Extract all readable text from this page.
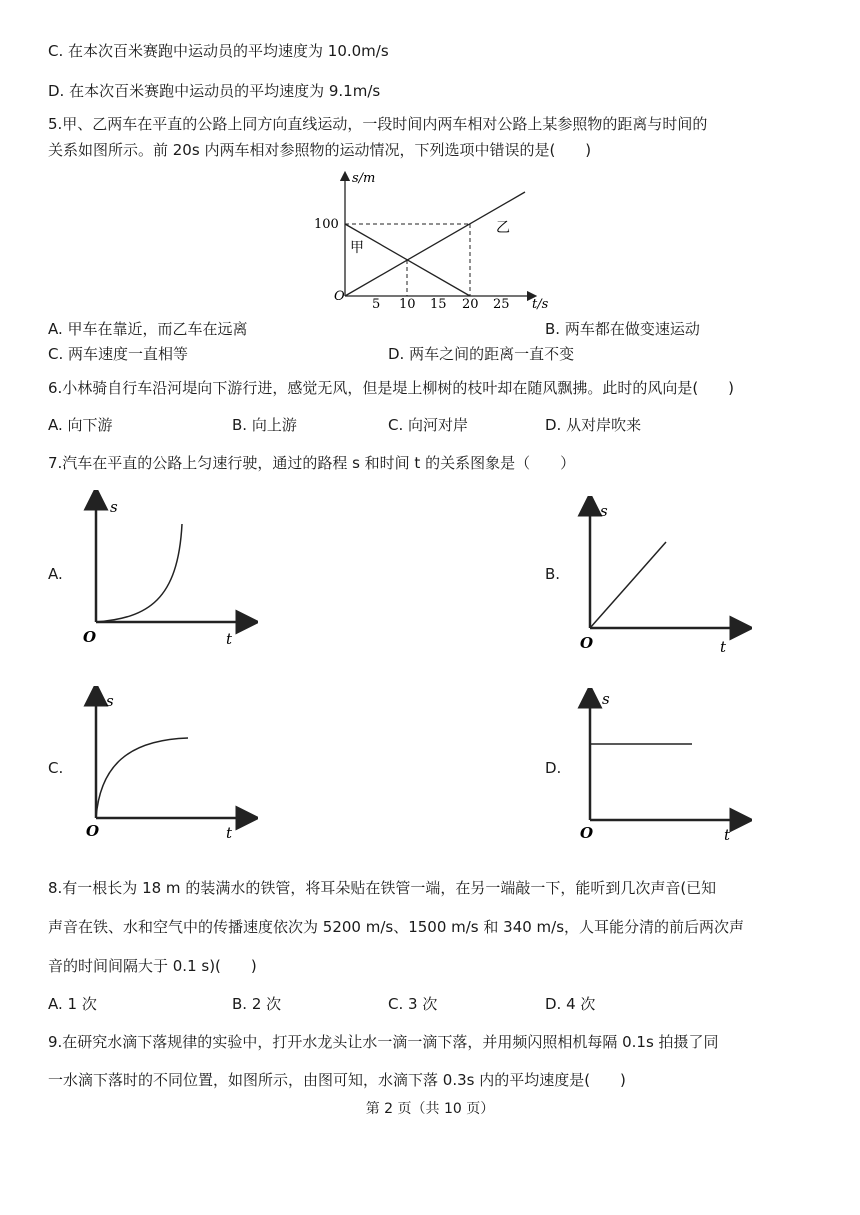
C. 在本次百米赛跑中运动员的平均速度为 10.0m/s
D. 在本次百米赛跑中运动员的平均速度为 9.1m/s
5.甲、乙两车在平直的公路上同方向直线运动，一段时间内两车相对公路上某参照物的距离与时间的
关系如图所示。前 20s 内两车相对参照物的运动情况，下列选项中错误的是(　　)
s/m
t/s
O
100
5 10 15 20 25
甲
乙
A. 甲车在靠近，而乙车在远离	B. 两车都在做变速运动
C. 两车速度一直相等	D. 两车之间的距离一直不变
6.小林骑自行车沿河堤向下游行进，感觉无风，但是堤上柳树的枝叶却在随风飘拂。此时的风向是(　　)
A. 向下游	B. 向上游	C. 向河对岸	D. 从对岸吹来
7.汽车在平直的公路上匀速行驶，通过的路程 s 和时间 t 的关系图象是（　　）
A.
s
t
O
B.
s
t
O
C.
s
t
O
D.
s
t
O
8.有一根长为 18 m 的装满水的铁管，将耳朵贴在铁管一端，在另一端敲一下，能听到几次声音(已知
声音在铁、水和空气中的传播速度依次为 5200 m/s、1500 m/s 和 340 m/s，人耳能分清的前后两次声
音的时间间隔大于 0.1 s)(　　)
A. 1 次	B. 2 次	C. 3 次	D. 4 次
9.在研究水滴下落规律的实验中，打开水龙头让水一滴一滴下落，并用频闪照相机每隔 0.1s 拍摄了同
一水滴下落时的不同位置，如图所示，由图可知，水滴下落 0.3s 内的平均速度是(　　)
第 2 页（共 10 页）
